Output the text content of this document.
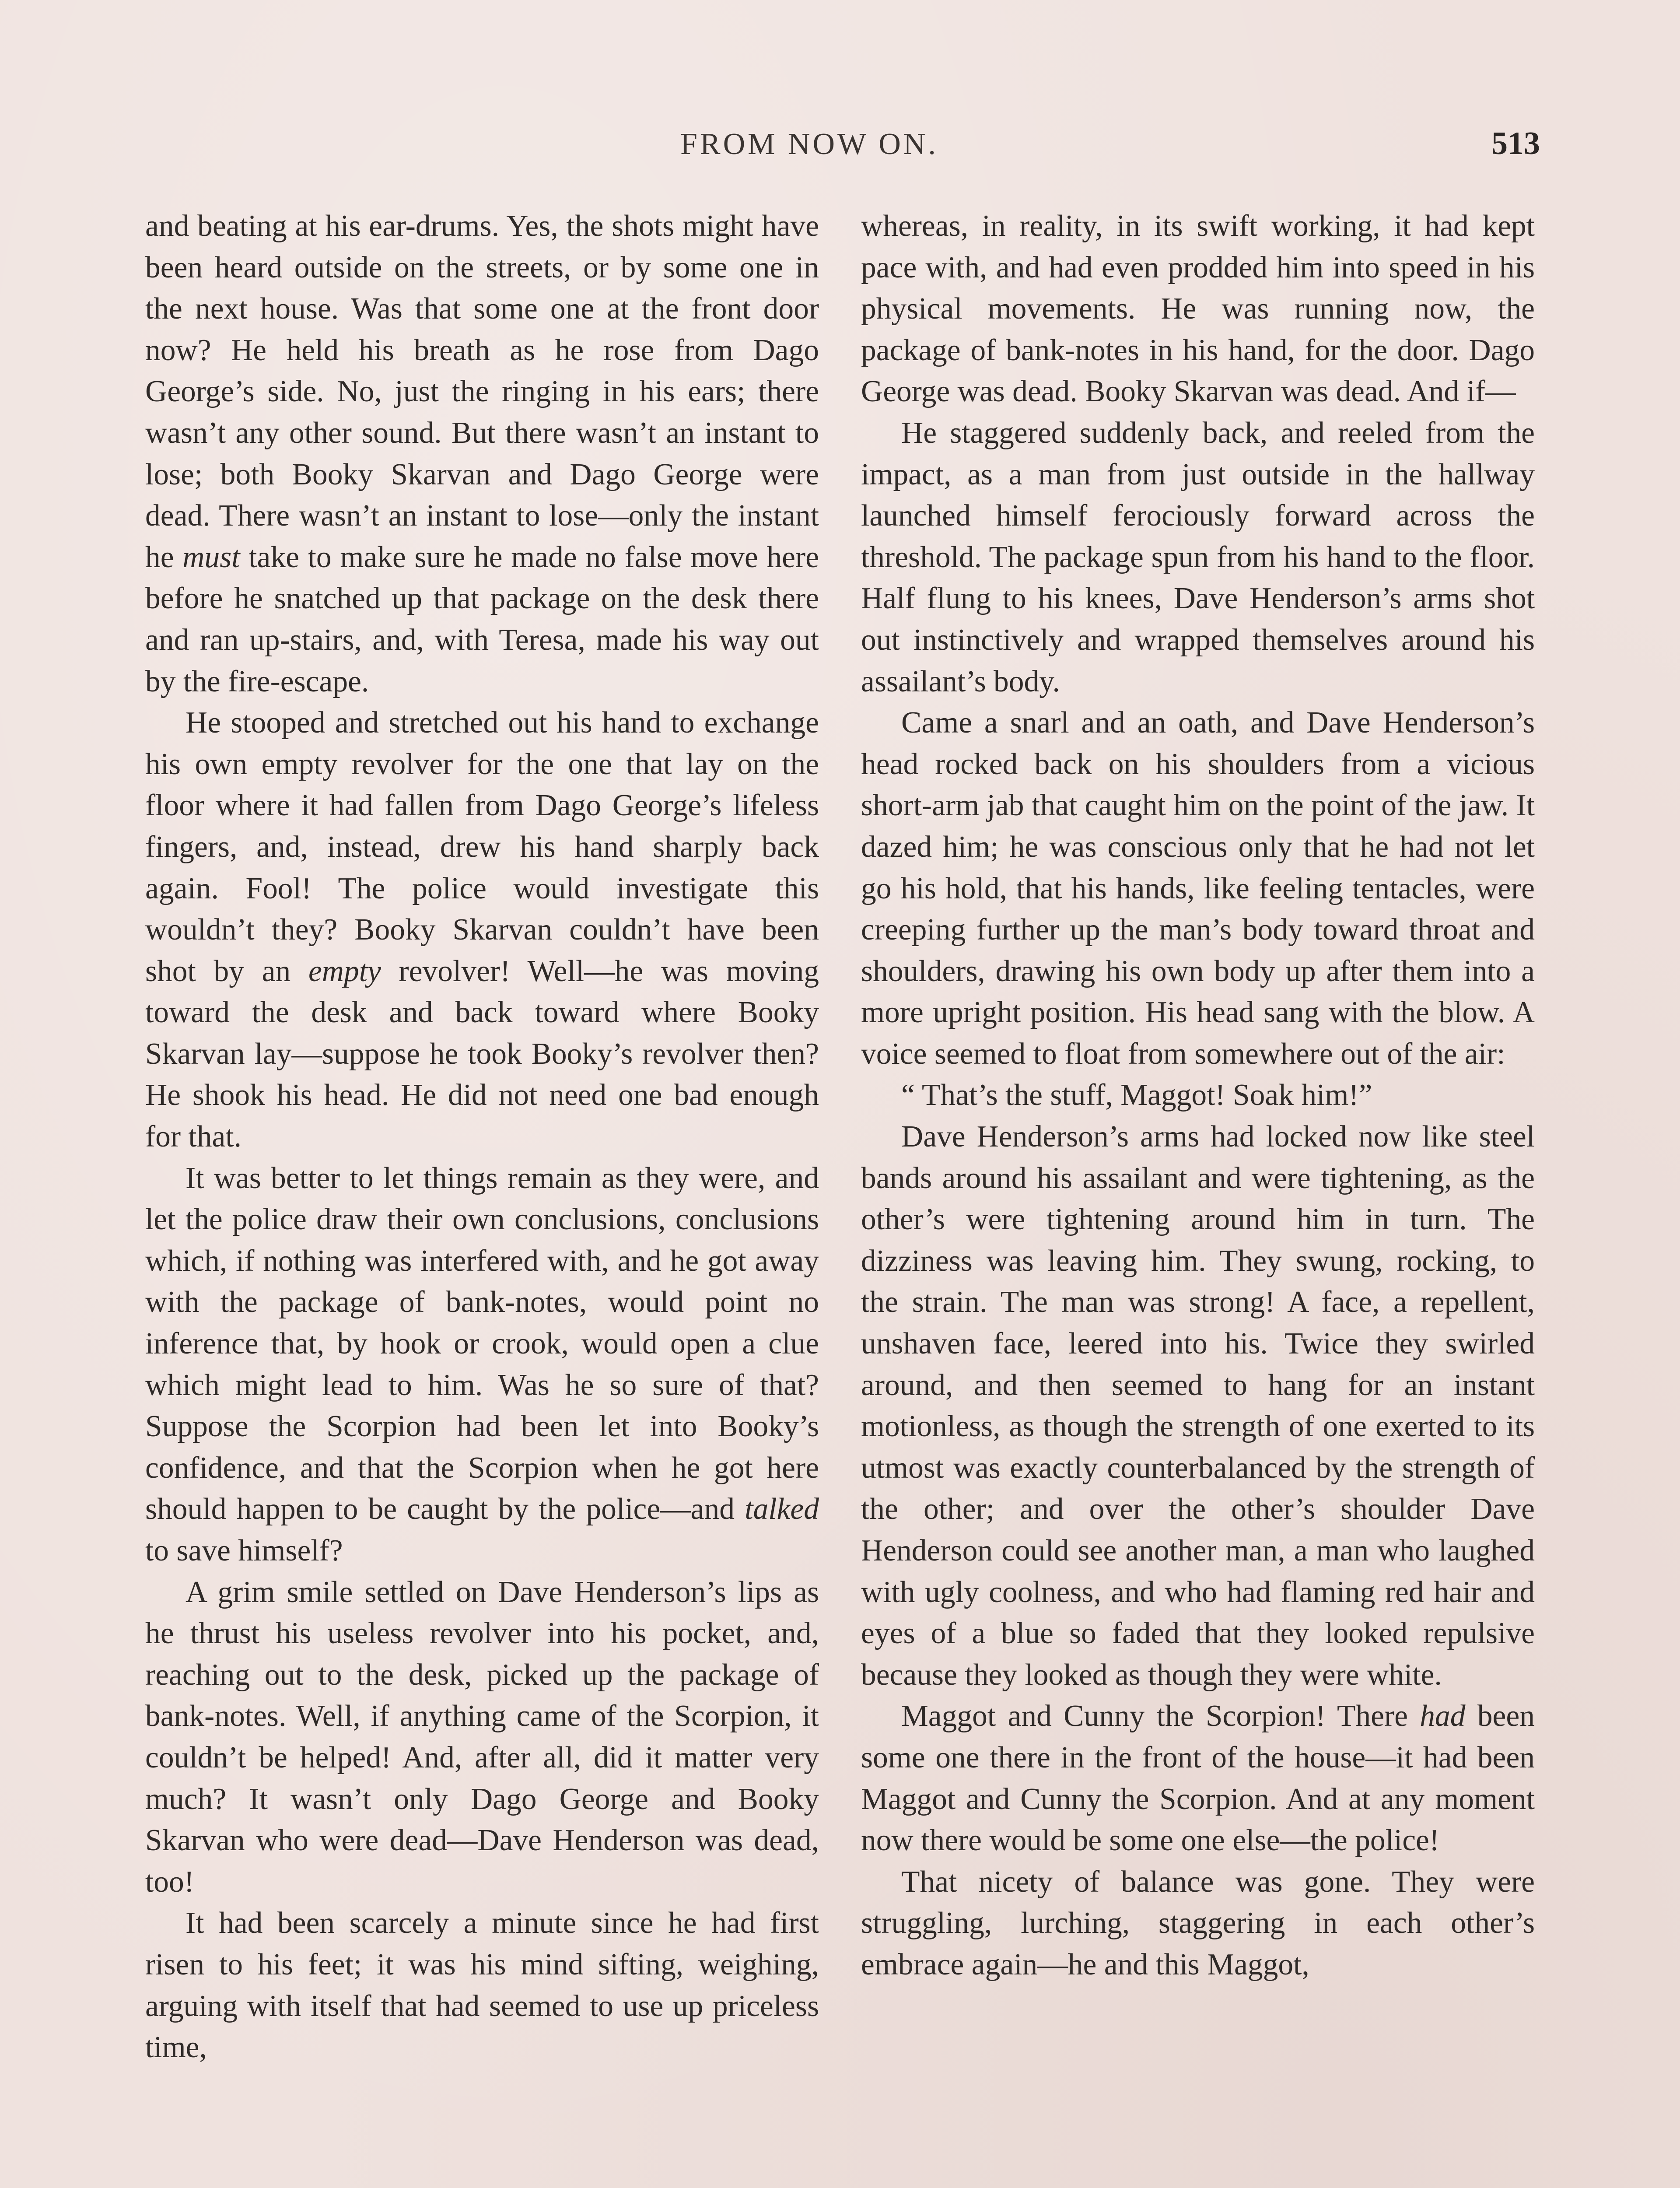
FROM NOW ON.	513

and beating at his ear-drums. Yes, the shots might have been heard outside on the streets, or by some one in the next house. Was that some one at the front door now? He held his breath as he rose from Dago George’s side. No, just the ringing in his ears; there wasn’t any other sound. But there wasn’t an instant to lose; both Booky Skarvan and Dago George were dead. There wasn’t an instant to lose—only the instant he must take to make sure he made no false move here before he snatched up that package on the desk there and ran up-stairs, and, with Teresa, made his way out by the fire-escape.

He stooped and stretched out his hand to exchange his own empty revolver for the one that lay on the floor where it had fallen from Dago George’s lifeless fingers, and, instead, drew his hand sharply back again. Fool! The police would investigate this wouldn’t they? Booky Skarvan couldn’t have been shot by an empty revolver! Well—he was moving toward the desk and back toward where Booky Skarvan lay—suppose he took Booky’s revolver then? He shook his head. He did not need one bad enough for that.

It was better to let things remain as they were, and let the police draw their own conclusions, conclusions which, if nothing was interfered with, and he got away with the package of bank-notes, would point no inference that, by hook or crook, would open a clue which might lead to him. Was he so sure of that? Suppose the Scorpion had been let into Booky’s confidence, and that the Scorpion when he got here should happen to be caught by the police—and talked to save himself?

A grim smile settled on Dave Henderson’s lips as he thrust his useless revolver into his pocket, and, reaching out to the desk, picked up the package of bank-notes. Well, if anything came of the Scorpion, it couldn’t be helped! And, after all, did it matter very much? It wasn’t only Dago George and Booky Skarvan who were dead—Dave Henderson was dead, too!

It had been scarcely a minute since he had first risen to his feet; it was his mind sifting, weighing, arguing with itself that had seemed to use up priceless time,

whereas, in reality, in its swift working, it had kept pace with, and had even prodded him into speed in his physical movements. He was running now, the package of bank-notes in his hand, for the door. Dago George was dead. Booky Skarvan was dead. And if—

He staggered suddenly back, and reeled from the impact, as a man from just outside in the hallway launched himself ferociously forward across the threshold. The package spun from his hand to the floor. Half flung to his knees, Dave Henderson’s arms shot out instinctively and wrapped themselves around his assailant’s body.

Came a snarl and an oath, and Dave Henderson’s head rocked back on his shoulders from a vicious short-arm jab that caught him on the point of the jaw. It dazed him; he was conscious only that he had not let go his hold, that his hands, like feeling tentacles, were creeping further up the man’s body toward throat and shoulders, drawing his own body up after them into a more upright position. His head sang with the blow. A voice seemed to float from somewhere out of the air:

“ That’s the stuff, Maggot! Soak him!”

Dave Henderson’s arms had locked now like steel bands around his assailant and were tightening, as the other’s were tightening around him in turn. The dizziness was leaving him. They swung, rocking, to the strain. The man was strong! A face, a repellent, unshaven face, leered into his. Twice they swirled around, and then seemed to hang for an instant motionless, as though the strength of one exerted to its utmost was exactly counterbalanced by the strength of the other; and over the other’s shoulder Dave Henderson could see another man, a man who laughed with ugly coolness, and who had flaming red hair and eyes of a blue so faded that they looked repulsive because they looked as though they were white.

Maggot and Cunny the Scorpion! There had been some one there in the front of the house—it had been Maggot and Cunny the Scorpion. And at any moment now there would be some one else—the police!

That nicety of balance was gone. They were struggling, lurching, staggering in each other’s embrace again—he and this Maggot,
